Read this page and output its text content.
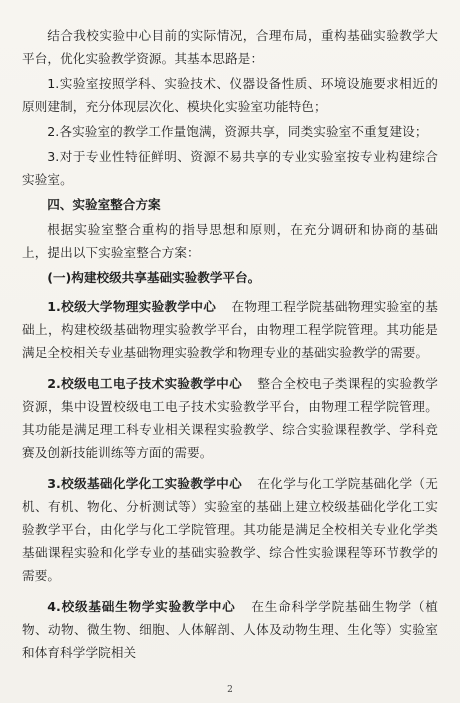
结合我校实验中心目前的实际情况，合理布局，重构基础实验教学大平台，优化实验教学资源。其基本思路是：

1.实验室按照学科、实验技术、仪器设备性质、环境设施要求相近的原则建制，充分体现层次化、模块化实验室功能特色；

2.各实验室的教学工作量饱满，资源共享，同类实验室不重复建设；

3.对于专业性特征鲜明、资源不易共享的专业实验室按专业构建综合实验室。

四、实验室整合方案

根据实验室整合重构的指导思想和原则，在充分调研和协商的基础上，提出以下实验室整合方案：

(一)构建校级共享基础实验教学平台。

1.校级大学物理实验教学中心 在物理工程学院基础物理实验室的基础上，构建校级基础物理实验教学平台，由物理工程学院管理。其功能是满足全校相关专业基础物理实验教学和物理专业的基础实验教学的需要。

2.校级电工电子技术实验教学中心 整合全校电子类课程的实验教学资源，集中设置校级电工电子技术实验教学平台，由物理工程学院管理。其功能是满足理工科专业相关课程实验教学、综合实验课程教学、学科竞赛及创新技能训练等方面的需要。

3.校级基础化学化工实验教学中心 在化学与化工学院基础化学（无机、有机、物化、分析测试等）实验室的基础上建立校级基础化学化工实验教学平台，由化学与化工学院管理。其功能是满足全校相关专业化学类基础课程实验和化学专业的基础实验教学、综合性实验课程等环节教学的需要。

4.校级基础生物学实验教学中心 在生命科学学院基础生物学（植物、动物、微生物、细胞、人体解剖、人体及动物生理、生化等）实验室和体育科学学院相关

2
